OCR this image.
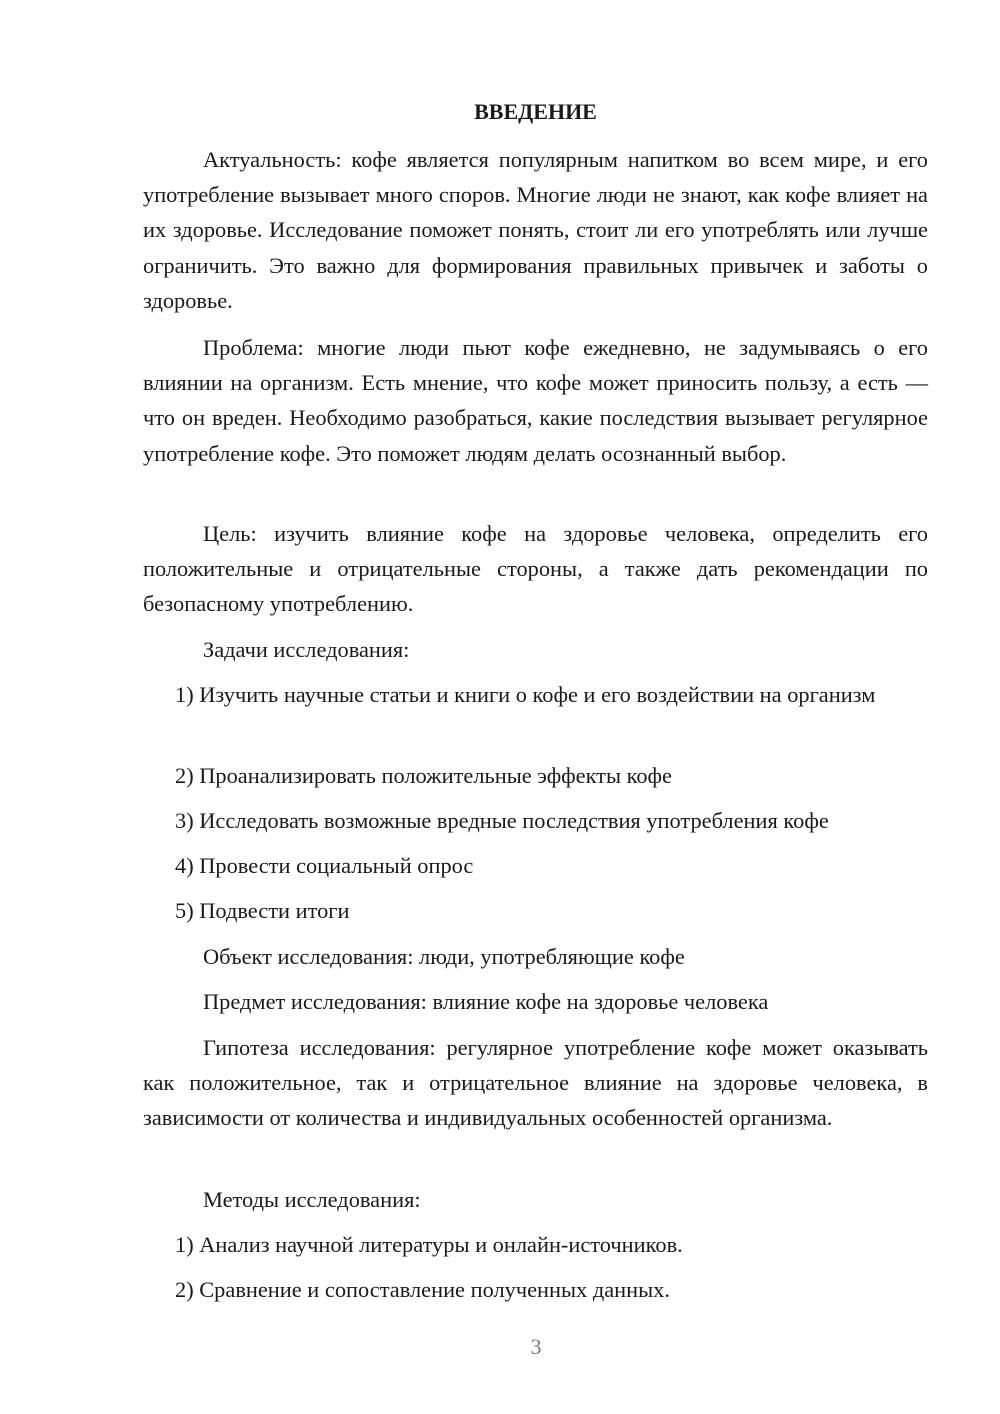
ВВЕДЕНИЕ

Актуальность: кофе является популярным напитком во всем мире, и его употребление вызывает много споров. Многие люди не знают, как кофе влияет на их здоровье. Исследование поможет понять, стоит ли его употреблять или лучше ограничить. Это важно для формирования правильных привычек и заботы о здоровье.

Проблема: многие люди пьют кофе ежедневно, не задумываясь о его влиянии на организм. Есть мнение, что кофе может приносить пользу, а есть — что он вреден. Необходимо разобраться, какие последствия вызывает регулярное употребление кофе. Это поможет людям делать осознанный выбор.

Цель: изучить влияние кофе на здоровье человека, определить его положительные и отрицательные стороны, а также дать рекомендации по безопасному употреблению.

Задачи исследования:

1) Изучить научные статьи и книги о кофе и его воздействии на организм

2) Проанализировать положительные эффекты кофе
3) Исследовать возможные вредные последствия употребления кофе
4) Провести социальный опрос
5) Подвести итоги
Объект исследования: люди, употребляющие кофе
Предмет исследования: влияние кофе на здоровье человека

Гипотеза исследования: регулярное употребление кофе может оказывать как положительное, так и отрицательное влияние на здоровье человека, в зависимости от количества и индивидуальных особенностей организма.

Методы исследования:
1) Анализ научной литературы и онлайн-источников.
2) Сравнение и сопоставление полученных данных.
3
